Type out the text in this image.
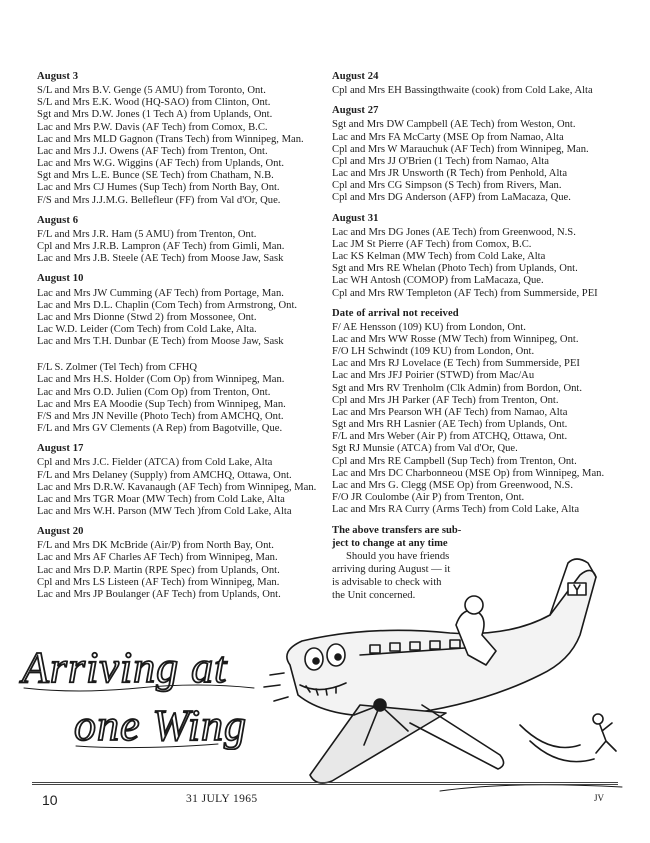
August 3
S/L and Mrs B.V. Genge (5 AMU) from Toronto, Ont.
S/L and Mrs E.K. Wood (HQ-SAO) from Clinton, Ont.
Sgt and Mrs D.W. Jones (1 Tech A) from Uplands, Ont.
Lac and Mrs P.W. Davis (AF Tech) from Comox, B.C.
Lac and Mrs MLD Gagnon (Trans Tech) from Winnipeg, Man.
Lac and Mrs J.J. Owens (AF Tech) from Trenton, Ont.
Lac and Mrs W.G. Wiggins (AF Tech) from Uplands, Ont.
Sgt and Mrs L.E. Bunce (SE Tech) from Chatham, N.B.
Lac and Mrs CJ Humes (Sup Tech) from North Bay, Ont.
F/S and Mrs J.J.M.G. Bellefleur (FF) from Val d'Or, Que.
August 6
F/L and Mrs J.R. Ham (5 AMU) from Trenton, Ont.
Cpl and Mrs J.R.B. Lampron (AF Tech) from Gimli, Man.
Lac and Mrs J.B. Steele (AE Tech) from Moose Jaw, Sask
August 10
Lac and Mrs JW Cumming (AF Tech) from Portage, Man.
Lac and Mrs D.L. Chaplin (Com Tech) from Armstrong, Ont.
Lac and Mrs Dionne (Stwd 2) from Mossonee, Ont.
Lac W.D. Leider (Com Tech) from Cold Lake, Alta.
Lac and Mrs T.H. Dunbar (E Tech) from Moose Jaw, Sask
F/L S. Zolmer (Tel Tech) from CFHQ
Lac and Mrs H.S. Holder (Com Op) from Winnipeg, Man.
Lac and Mrs O.D. Julien (Com Op) from Trenton, Ont.
Lac and Mrs EA Moodie (Sup Tech) from Winnipeg, Man.
F/S and Mrs JN Neville (Photo Tech) from AMCHQ, Ont.
F/L and Mrs GV Clements (A Rep) from Bagotville, Que.
August 17
Cpl and Mrs J.C. Fielder (ATCA) from Cold Lake, Alta
F/L and Mrs Delaney (Supply) from AMCHQ, Ottawa, Ont.
Lac and Mrs D.R.W. Kavanaugh (AF Tech) from Winnipeg, Man.
Lac and Mrs TGR Moar (MW Tech) from Cold Lake, Alta
Lac and Mrs W.H. Parson (MW Tech )from Cold Lake, Alta
August 20
F/L and Mrs DK McBride (Air/P) from North Bay, Ont.
Lac and Mrs AF Charles AF Tech) from Winnipeg, Man.
Lac and Mrs D.P. Martin (RPE Spec) from Uplands, Ont.
Cpl and Mrs LS Listeen (AF Tech) from Winnipeg, Man.
Lac and Mrs JP Boulanger (AF Tech) from Uplands, Ont.
August 24
Cpl and Mrs EH Bassingthwaite (cook) from Cold Lake, Alta
August 27
Sgt and Mrs DW Campbell (AE Tech) from Weston, Ont.
Lac and Mrs FA McCarty (MSE Op from Namao, Alta
Cpl and Mrs W Marauchuk (AF Tech) from Winnipeg, Man.
Cpl and Mrs JJ O'Brien (1 Tech) from Namao, Alta
Lac and Mrs JR Unsworth (R Tech) from Penhold, Alta
Cpl and Mrs CG Simpson (S Tech) from Rivers, Man.
Cpl and Mrs DG Anderson (AFP) from LaMacaza, Que.
August 31
Lac and Mrs DG Jones (AE Tech) from Greenwood, N.S.
Lac JM St Pierre (AF Tech) from Comox, B.C.
Lac KS Kelman (MW Tech) from Cold Lake, Alta
Sgt and Mrs RE Whelan (Photo Tech) from Uplands, Ont.
Lac WH Antosh (COMOP) from LaMacaza, Que.
Cpl and Mrs RW Templeton (AF Tech) from Summerside, PEI
Date of arrival not received
F/ AE Hensson (109) KU) from London, Ont.
Lac and Mrs WW Rosse (MW Tech) from Winnipeg, Ont.
F/O LH Schwindt (109 KU) from London, Ont.
Lac and Mrs RJ Lovelace (E Tech) from Summerside, PEI
Lac and Mrs JFJ Poirier (STWD) from Mac/Au
Sgt and Mrs RV Trenholm (Clk Admin) from Bordon, Ont.
Cpl and Mrs JH Parker (AF Tech) from Trenton, Ont.
Lac and Mrs Pearson WH (AF Tech) from Namao, Alta
Sgt and Mrs RH Lasnier (AE Tech) from Uplands, Ont.
F/L and Mrs Weber (Air P) from ATCHQ, Ottawa, Ont.
Sgt RJ Munsie (ATCA) from Val d'Or, Que.
Cpl and Mrs RE Campbell (Sup Tech) from Trenton, Ont.
Lac and Mrs DC Charbonneou (MSE Op) from Winnipeg, Man.
Lac and Mrs G. Clegg (MSE Op) from Greenwood, N.S.
F/O JR Coulombe (Air P) from Trenton, Ont.
Lac and Mrs RA Curry (Arms Tech) from Cold Lake, Alta
The above transfers are sub-
ject to change at any time
Should you have friends
arriving during August — it
is advisable to check with
the Unit concerned.
Arriving at
one Wing
JV
10	31 JULY 1965
